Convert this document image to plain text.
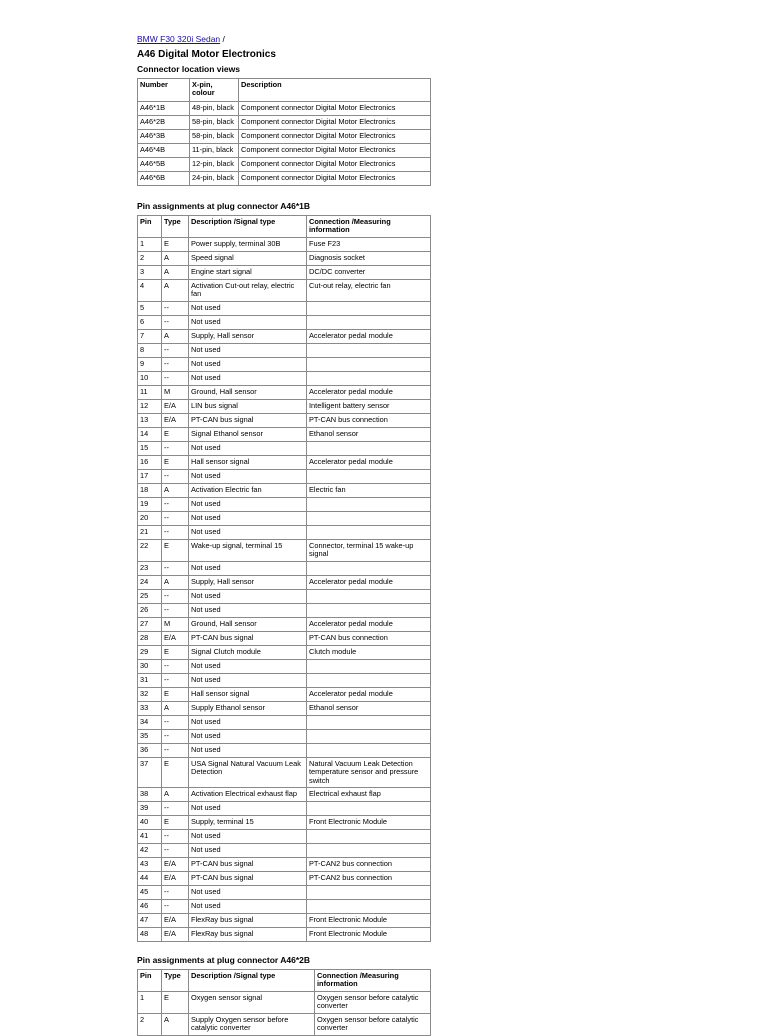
BMW F30 320i Sedan /
A46 Digital Motor Electronics
Connector location views
Number	X-pin, colour	Description
A46*1B	48-pin, black	Component connector Digital Motor Electronics
A46*2B	58-pin, black	Component connector Digital Motor Electronics
A46*3B	58-pin, black	Component connector Digital Motor Electronics
A46*4B	11-pin, black	Component connector Digital Motor Electronics
A46*5B	12-pin, black	Component connector Digital Motor Electronics
A46*6B	24-pin, black	Component connector Digital Motor Electronics
Pin assignments at plug connector A46*1B
Pin	Type	Description /Signal type	Connection /Measuring information
1	E	Power supply, terminal 30B	Fuse F23
2	A	Speed signal	Diagnosis socket
3	A	Engine start signal	DC/DC converter
4	A	Activation Cut-out relay, electric fan	Cut-out relay, electric fan
5	--	Not used	
6	--	Not used	
7	A	Supply, Hall sensor	Accelerator pedal module
8	--	Not used	
9	--	Not used	
10	--	Not used	
11	M	Ground, Hall sensor	Accelerator pedal module
12	E/A	LIN bus signal	Intelligent battery sensor
13	E/A	PT-CAN bus signal	PT-CAN bus connection
14	E	Signal Ethanol sensor	Ethanol sensor
15	--	Not used	
16	E	Hall sensor signal	Accelerator pedal module
17	--	Not used	
18	A	Activation Electric fan	Electric fan
19	--	Not used	
20	--	Not used	
21	--	Not used	
22	E	Wake-up signal, terminal 15	Connector, terminal 15 wake-up signal
23	--	Not used	
24	A	Supply, Hall sensor	Accelerator pedal module
25	--	Not used	
26	--	Not used	
27	M	Ground, Hall sensor	Accelerator pedal module
28	E/A	PT-CAN bus signal	PT-CAN bus connection
29	E	Signal Clutch module	Clutch module
30	--	Not used	
31	--	Not used	
32	E	Hall sensor signal	Accelerator pedal module
33	A	Supply Ethanol sensor	Ethanol sensor
34	--	Not used	
35	--	Not used	
36	--	Not used	
37	E	USA Signal Natural Vacuum Leak Detection	Natural Vacuum Leak Detection temperature sensor and pressure switch
38	A	Activation Electrical exhaust flap	Electrical exhaust flap
39	--	Not used	
40	E	Supply, terminal 15	Front Electronic Module
41	--	Not used	
42	--	Not used	
43	E/A	PT-CAN bus signal	PT-CAN2 bus connection
44	E/A	PT-CAN bus signal	PT-CAN2 bus connection
45	--	Not used	
46	--	Not used	
47	E/A	FlexRay bus signal	Front Electronic Module
48	E/A	FlexRay bus signal	Front Electronic Module
Pin assignments at plug connector A46*2B
Pin	Type	Description /Signal type	Connection /Measuring information
1	E	Oxygen sensor signal	Oxygen sensor before catalytic converter
2	A	Supply Oxygen sensor before catalytic converter	Oxygen sensor before catalytic converter
